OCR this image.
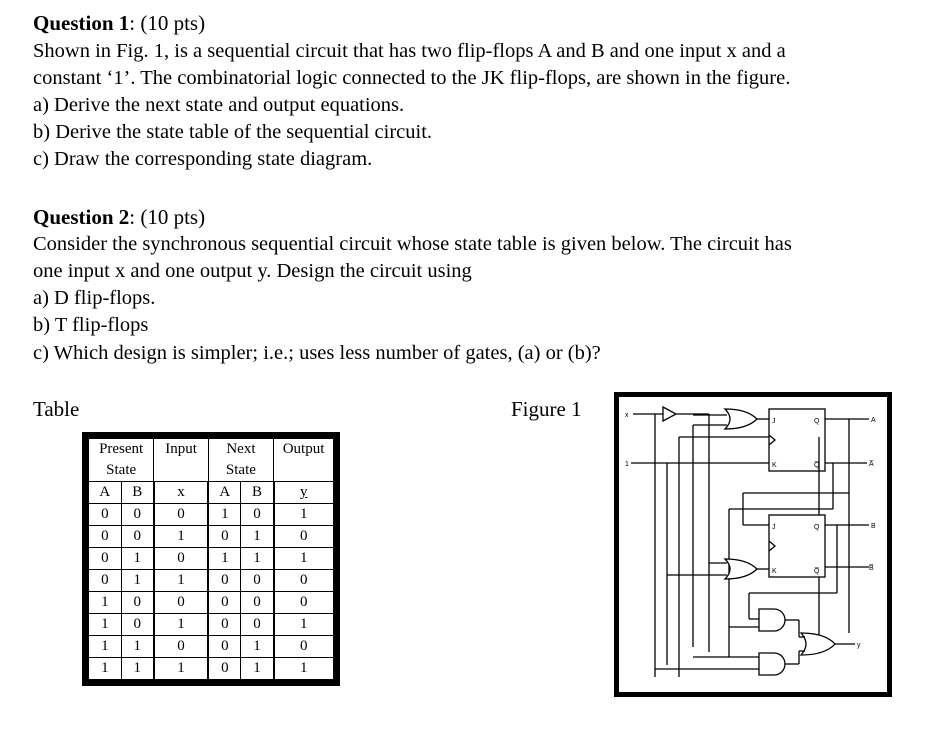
Question 1: (10 pts)
Shown in Fig. 1, is a sequential circuit that has two flip-flops A and B and one input x and a
constant ‘1’. The combinatorial logic connected to the JK flip-flops, are shown in the figure.
a) Derive the next state and output equations.
b) Derive the state table of the sequential circuit.
c) Draw the corresponding state diagram.
Question 2: (10 pts)
Consider the synchronous sequential circuit whose state table is given below. The circuit has
one input x and one output y. Design the circuit using
a) D flip-flops.
b) T flip-flops
c) Which design is simpler; i.e.; uses less number of gates, (a) or (b)?
Table	Figure 1
Present		Input	Next		Output
State			State		
A	B	x	A	B	y
0	0	0	1	0	1
0	0	1	0	1	0
0	1	0	1	1	1
0	1	1	0	0	0
1	0	0	0	0	0
1	0	1	0	0	1
1	1	0	0	1	0
1	1	1	0	1	1
x
1
J	Q
K	Q̅
J	Q
K	Q̅
A
A̅
B
B̅
y
